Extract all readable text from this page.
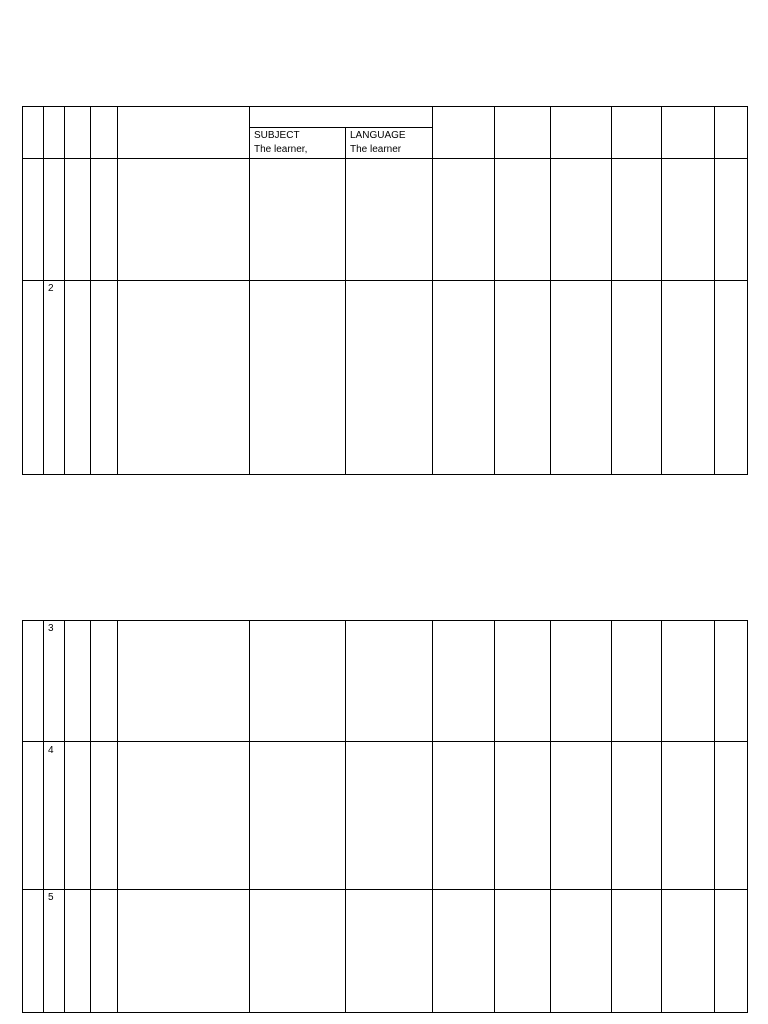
SUBJECT
The learner,
LANGUAGE
The learner
2
3
4
5
